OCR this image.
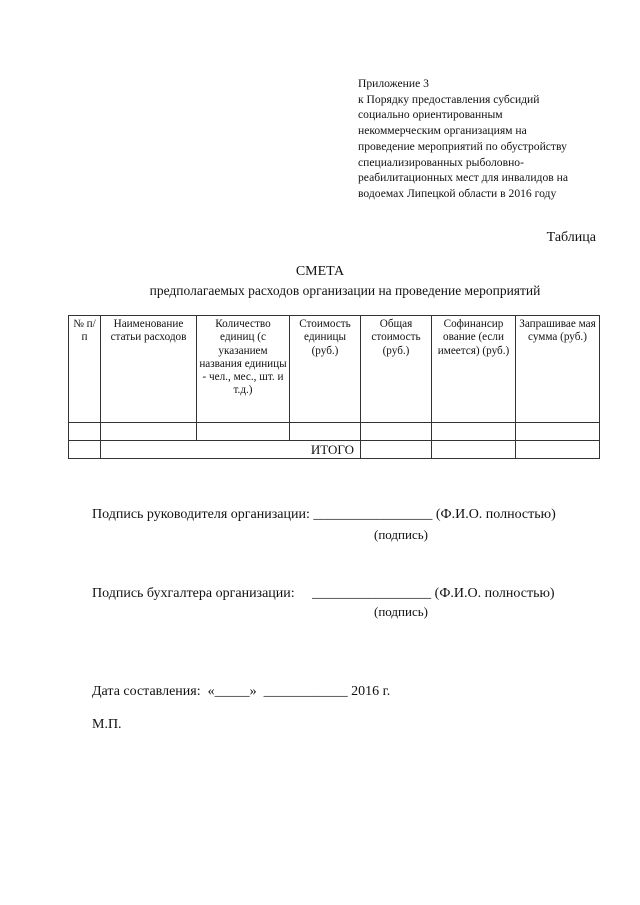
Приложение 3
к Порядку предоставления субсидий
социально ориентированным
некоммерческим организациям на
проведение мероприятий по обустройству
специализированных рыболовно-
реабилитационных мест для инвалидов на
водоемах Липецкой области в 2016 году
Таблица
СМЕТА
предполагаемых расходов организации на проведение мероприятий
№ п/п	Наименование статьи расходов	Количество единиц (с указанием названия единицы - чел., мес., шт. и т.д.)	Стоимость единицы (руб.)	Общая стоимость (руб.)	Софинансир ование (если имеется) (руб.)	Запрашивае мая сумма (руб.)

	ИТОГО					
Подпись руководителя организации: _________________ (Ф.И.О. полностью)
(подпись)
Подпись бухгалтера организации:     _________________ (Ф.И.О. полностью)
(подпись)
Дата составления:  «_____»  ____________ 2016 г.
М.П.
